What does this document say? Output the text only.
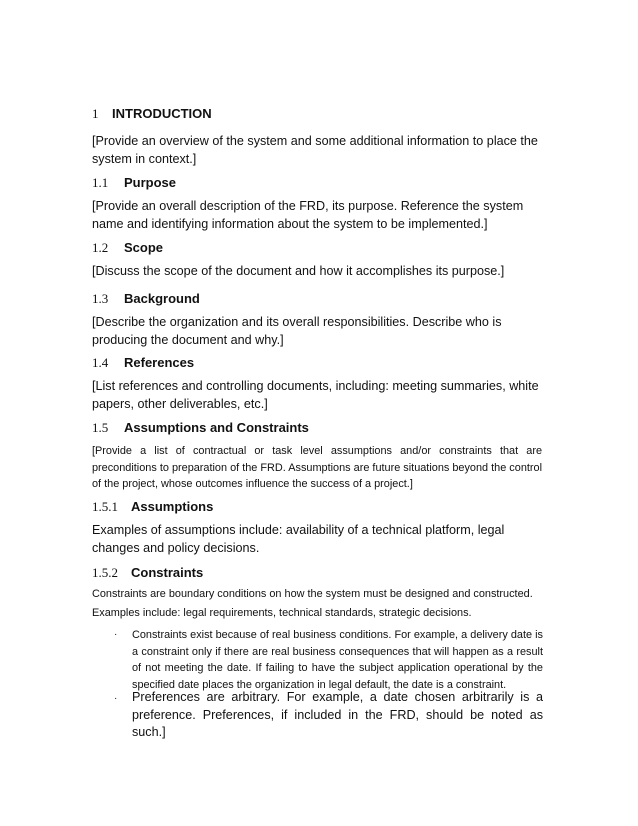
1 INTRODUCTION

[Provide an overview of the system and some additional information to place the system in context.]

1.1 Purpose

[Provide an overall description of the FRD, its purpose. Reference the system name and identifying information about the system to be implemented.]

1.2 Scope

[Discuss the scope of the document and how it accomplishes its purpose.]

1.3 Background

[Describe the organization and its overall responsibilities. Describe who is producing the document and why.]

1.4 References

[List references and controlling documents, including: meeting summaries, white papers, other deliverables, etc.]

1.5 Assumptions and Constraints

[Provide a list of contractual or task level assumptions and/or constraints that are preconditions to preparation of the FRD. Assumptions are future situations beyond the control of the project, whose outcomes influence the success of a project.]

1.5.1 Assumptions

Examples of assumptions include: availability of a technical platform, legal changes and policy decisions.

1.5.2 Constraints

Constraints are boundary conditions on how the system must be designed and constructed.

Examples include: legal requirements, technical standards, strategic decisions.

· Constraints exist because of real business conditions. For example, a delivery date is a constraint only if there are real business consequences that will happen as a result of not meeting the date. If failing to have the subject application operational by the specified date places the organization in legal default, the date is a constraint.

· Preferences are arbitrary. For example, a date chosen arbitrarily is a preference. Preferences, if included in the FRD, should be noted as such.]
